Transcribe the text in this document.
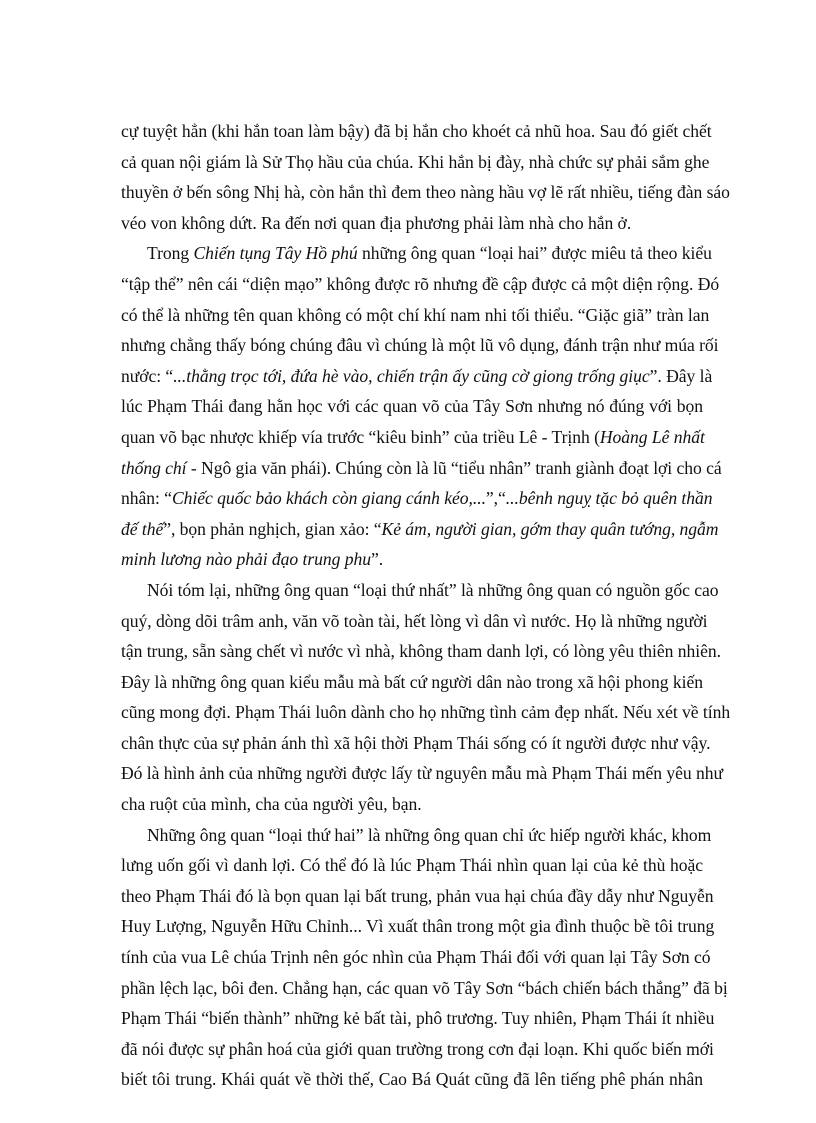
cự tuyệt hẳn (khi hắn toan làm bậy) đã bị hắn cho khoét cả nhũ hoa. Sau đó giết chết

cả quan nội giám là Sử Thọ hầu của chúa. Khi hắn bị đày, nhà chức sự phải sắm ghe

thuyền ở bến sông Nhị hà, còn hắn thì đem theo nàng hầu vợ lẽ rất nhiều, tiếng đàn sáo

véo von không dứt. Ra đến nơi quan địa phương phải làm nhà cho hắn ở.

Trong Chiến tụng Tây Hồ phú những ông quan “loại hai” được miêu tả theo kiểu

“tập thể” nên cái “diện mạo” không được rõ nhưng đề cập được cả một diện rộng. Đó

có thể là những tên quan không có một chí khí nam nhi tối thiểu. “Giặc giã” tràn lan

nhưng chẳng thấy bóng chúng đâu vì chúng là một lũ vô dụng, đánh trận như múa rối

nước: “...thằng trọc tới, đứa hè vào, chiến trận ấy cũng cờ giong trống giục”. Đây là

lúc Phạm Thái đang hằn học với các quan võ của Tây Sơn nhưng nó đúng với bọn

quan võ bạc nhược khiếp vía trước “kiêu binh” của triều Lê - Trịnh (Hoàng Lê nhất

thống chí - Ngô gia văn phái). Chúng còn là lũ “tiểu nhân” tranh giành đoạt lợi cho cá

nhân: “Chiếc quốc bảo khách còn giang cánh kéo,...”,“...bênh nguỵ tặc bỏ quên thần

đế thế”, bọn phản nghịch, gian xảo: “Kẻ ám, người gian, gớm thay quân tướng, ngẫm

minh lương nào phải đạo trung phu”.

Nói tóm lại, những ông quan “loại thứ nhất” là những ông quan có nguồn gốc cao

quý, dòng dõi trâm anh, văn võ toàn tài, hết lòng vì dân vì nước. Họ là những người

tận trung, sẵn sàng chết vì nước vì nhà, không tham danh lợi, có lòng yêu thiên nhiên.

Đây là những ông quan kiểu mẫu mà bất cứ người dân nào trong xã hội phong kiến

cũng mong đợi. Phạm Thái luôn dành cho họ những tình cảm đẹp nhất. Nếu xét về tính

chân thực của sự phản ánh thì xã hội thời Phạm Thái sống có ít người được như vậy.

Đó là hình ảnh của những người được lấy từ nguyên mẫu mà Phạm Thái mến yêu như

cha ruột của mình, cha của người yêu, bạn.

Những ông quan “loại thứ hai” là những ông quan chỉ ức hiếp người khác, khom

lưng uốn gối vì danh lợi. Có thể đó là lúc Phạm Thái nhìn quan lại của kẻ thù hoặc

theo Phạm Thái đó là bọn quan lại bất trung, phản vua hại chúa đầy dẫy như Nguyễn

Huy Lượng, Nguyễn Hữu Chỉnh... Vì xuất thân trong một gia đình thuộc bề tôi trung

tính của vua Lê chúa Trịnh nên góc nhìn của Phạm Thái đối với quan lại Tây Sơn có

phần lệch lạc, bôi đen. Chẳng hạn, các quan võ Tây Sơn “bách chiến bách thắng” đã bị

Phạm Thái “biến thành” những kẻ bất tài, phô trương. Tuy nhiên, Phạm Thái ít nhiều

đã nói được sự phân hoá của giới quan trường trong cơn đại loạn. Khi quốc biến mới

biết tôi trung. Khái quát về thời thế, Cao Bá Quát cũng đã lên tiếng phê phán nhân
